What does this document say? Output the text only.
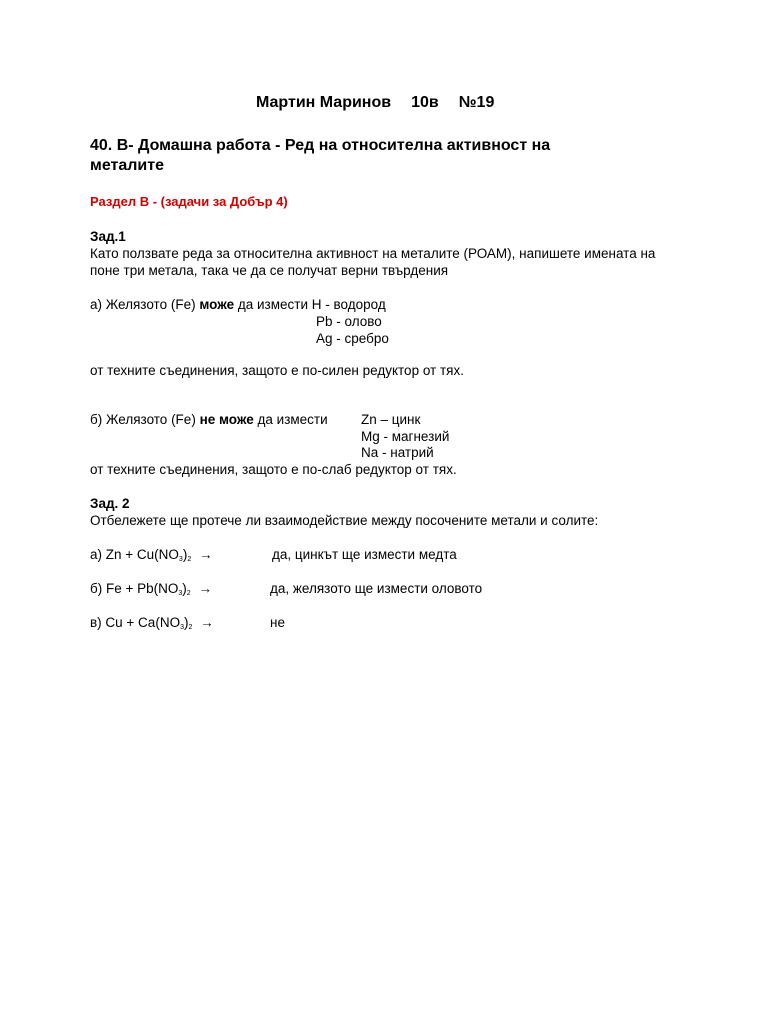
Мартин Маринов 10в №19
40. В- Домашна работа - Ред на относителна активност на
металите
Раздел В - (задачи за Добър 4)
Зад.1
Като ползвате реда за относителна активност на металите (РОАМ), напишете имената на
поне три метала, така че да се получат верни твърдения
а) Желязото (Fe) може да измести H - водород
Pb - олово
Ag - сребро
от техните съединения, защото е по-силен редуктор от тях.
б) Желязото (Fe) не може да измести Zn – цинк
Mg - магнезий
Na - натрий
от техните съединения, защото е по-слаб редуктор от тях.
Зад. 2
Отбележете ще протече ли взаимодействие между посочените метали и солите:
а) $Zn + Cu(NO_3)_2$ →	да, цинкът ще измести медта
б) $Fe + Pb(NO_3)_2$ →	да, желязото ще измести оловото
в) $Cu + Ca(NO_3)_2$ →	не
